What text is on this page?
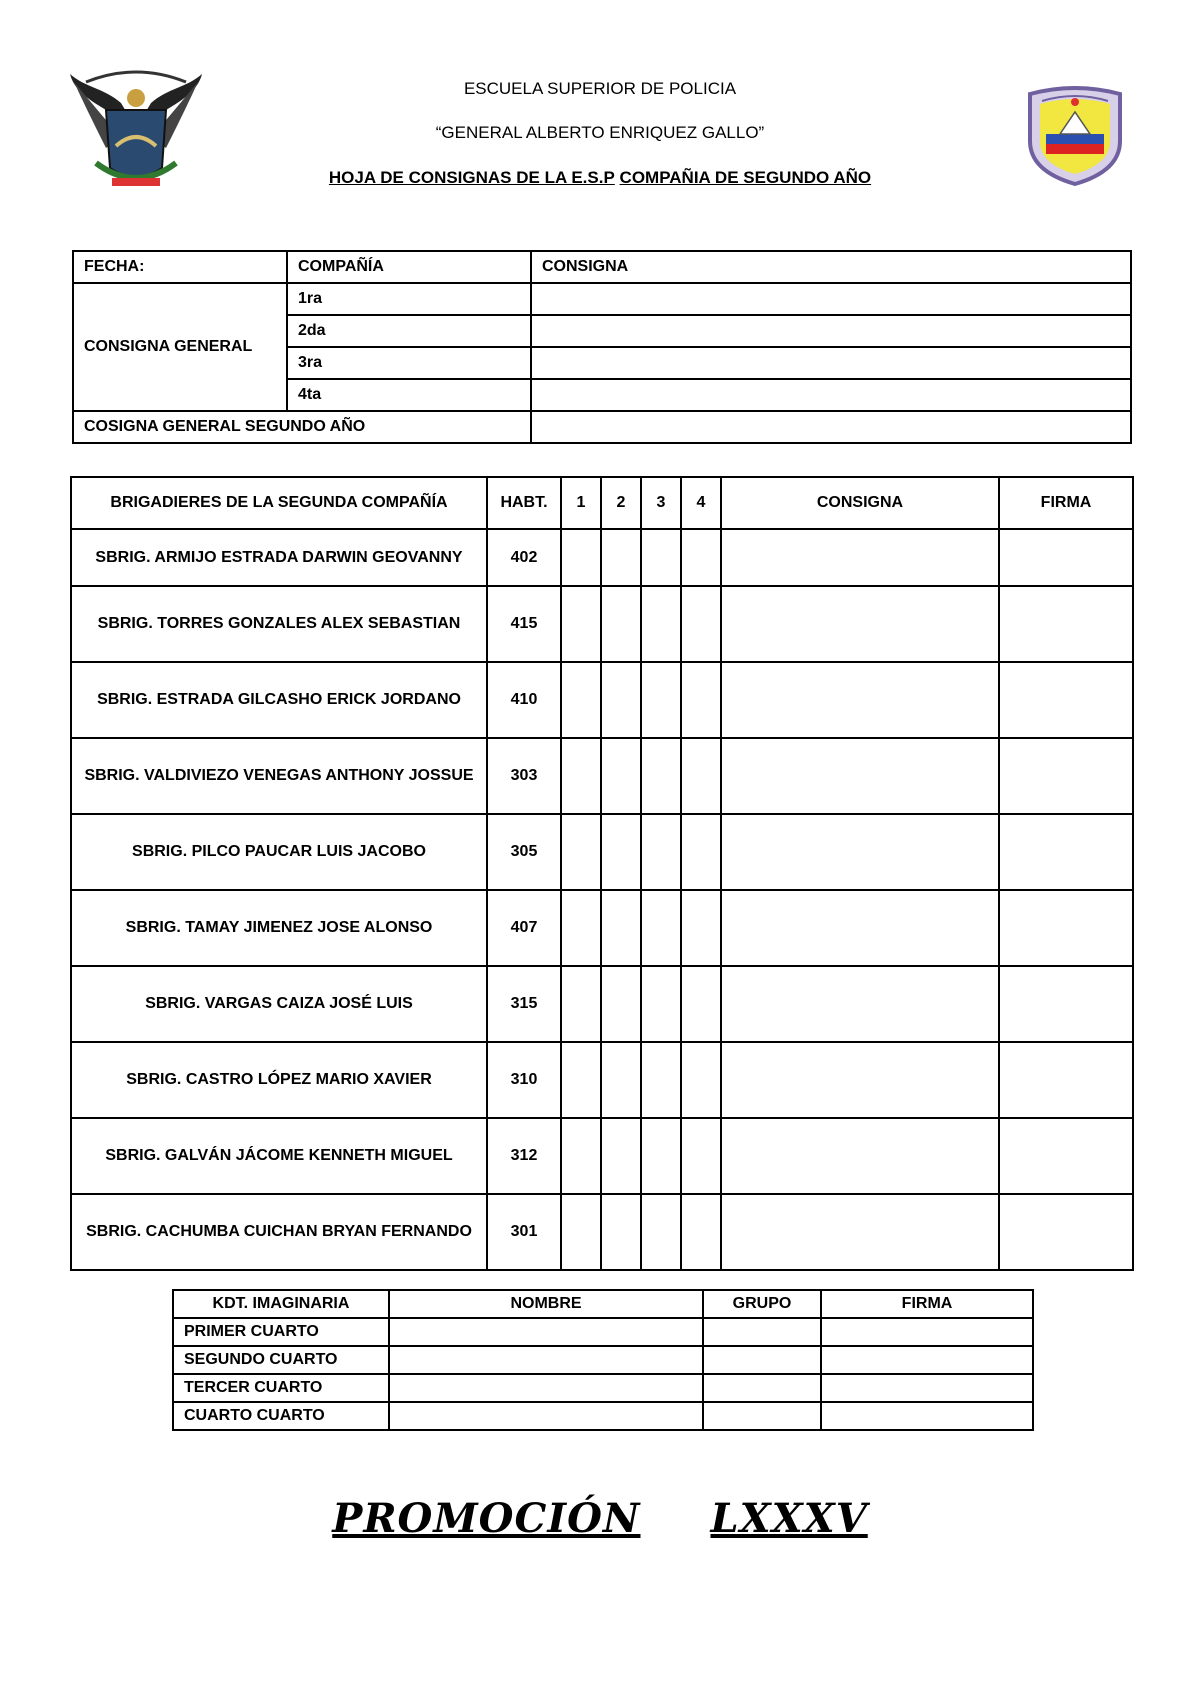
ESCUELA SUPERIOR DE POLICIA
“GENERAL ALBERTO ENRIQUEZ GALLO”
HOJA DE CONSIGNAS DE LA E.S.P COMPAÑIA DE SEGUNDO AÑO
FECHA:	COMPAÑÍA	CONSIGNA
CONSIGNA GENERAL	1ra	
	2da	
	3ra	
	4ta	
COSIGNA GENERAL SEGUNDO AÑO		
BRIGADIERES DE LA SEGUNDA COMPAÑÍA	HABT.	1	2	3	4	CONSIGNA	FIRMA
SBRIG. ARMIJO ESTRADA DARWIN GEOVANNY	402						
SBRIG. TORRES GONZALES ALEX SEBASTIAN	415						
SBRIG. ESTRADA GILCASHO ERICK JORDANO	410						
SBRIG. VALDIVIEZO VENEGAS ANTHONY JOSSUE	303						
SBRIG. PILCO PAUCAR LUIS JACOBO	305						
SBRIG. TAMAY JIMENEZ JOSE ALONSO	407						
SBRIG. VARGAS CAIZA JOSÉ LUIS	315						
SBRIG. CASTRO LÓPEZ MARIO XAVIER	310						
SBRIG. GALVÁN JÁCOME KENNETH MIGUEL	312						
SBRIG. CACHUMBA CUICHAN BRYAN FERNANDO	301						
KDT. IMAGINARIA	NOMBRE	GRUPO	FIRMA
PRIMER CUARTO			
SEGUNDO CUARTO			
TERCER CUARTO			
CUARTO CUARTO			
PROMOCIÓN LXXXV
